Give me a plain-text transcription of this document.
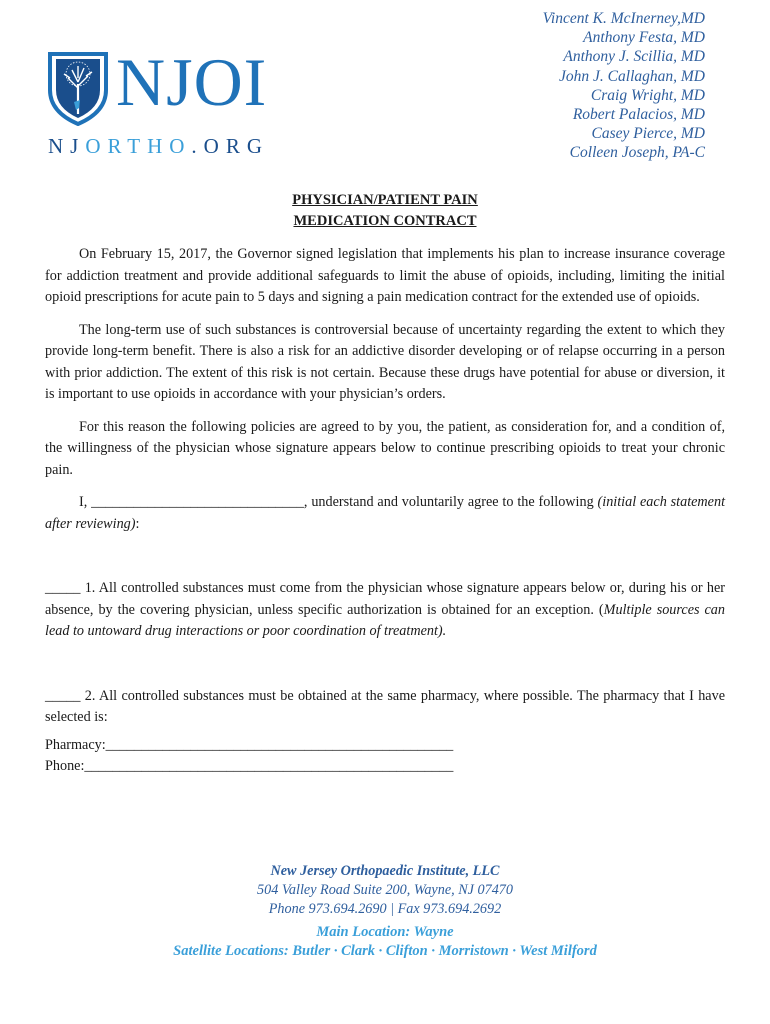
NJOI
NJORTHO.ORG
Vincent K. McInerney,MD
Anthony Festa, MD
Anthony J. Scillia, MD
John J. Callaghan, MD
Craig Wright, MD
Robert Palacios, MD
Casey Pierce, MD
Colleen Joseph, PA-C
PHYSICIAN/PATIENT PAIN
MEDICATION CONTRACT

On February 15, 2017, the Governor signed legislation that implements his plan to increase insurance coverage for addiction treatment and provide additional safeguards to limit the abuse of opioids, including, limiting the initial opioid prescriptions for acute pain to 5 days and signing a pain medication contract for the extended use of opioids.

The long-term use of such substances is controversial because of uncertainty regarding the extent to which they provide long-term benefit. There is also a risk for an addictive disorder developing or of relapse occurring in a person with prior addiction. The extent of this risk is not certain. Because these drugs have potential for abuse or diversion, it is important to use opioids in accordance with your physician’s orders.

For this reason the following policies are agreed to by you, the patient, as consideration for, and a condition of, the willingness of the physician whose signature appears below to continue prescribing opioids to treat your chronic pain.

I, ______________________________, understand and voluntarily agree to the following (initial each statement after reviewing):

_____ 1. All controlled substances must come from the physician whose signature appears below or, during his or her absence, by the covering physician, unless specific authorization is obtained for an exception. (Multiple sources can lead to untoward drug interactions or poor coordination of treatment).

_____ 2. All controlled substances must be obtained at the same pharmacy, where possible. The pharmacy that I have selected is:

Pharmacy:_________________________________________________

Phone:____________________________________________________

New Jersey Orthopaedic Institute, LLC
504 Valley Road Suite 200, Wayne, NJ 07470
Phone 973.694.2690 | Fax 973.694.2692
Main Location: Wayne
Satellite Locations: Butler · Clark · Clifton · Morristown · West Milford
